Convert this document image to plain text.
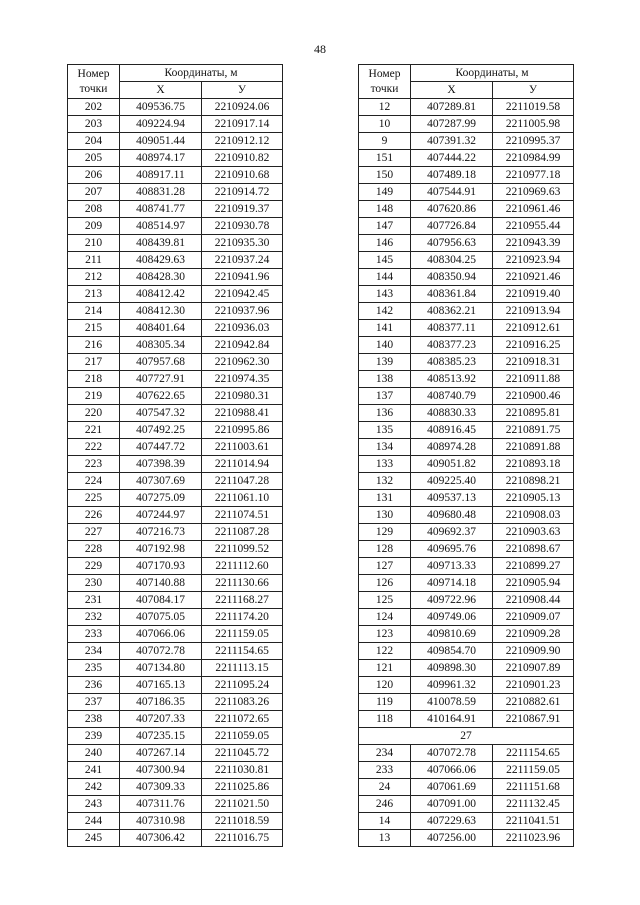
48
Номер
точки	Координаты, м	
	Х	У
202	409536.75	2210924.06
203	409224.94	2210917.14
204	409051.44	2210912.12
205	408974.17	2210910.82
206	408917.11	2210910.68
207	408831.28	2210914.72
208	408741.77	2210919.37
209	408514.97	2210930.78
210	408439.81	2210935.30
211	408429.63	2210937.24
212	408428.30	2210941.96
213	408412.42	2210942.45
214	408412.30	2210937.96
215	408401.64	2210936.03
216	408305.34	2210942.84
217	407957.68	2210962.30
218	407727.91	2210974.35
219	407622.65	2210980.31
220	407547.32	2210988.41
221	407492.25	2210995.86
222	407447.72	2211003.61
223	407398.39	2211014.94
224	407307.69	2211047.28
225	407275.09	2211061.10
226	407244.97	2211074.51
227	407216.73	2211087.28
228	407192.98	2211099.52
229	407170.93	2211112.60
230	407140.88	2211130.66
231	407084.17	2211168.27
232	407075.05	2211174.20
233	407066.06	2211159.05
234	407072.78	2211154.65
235	407134.80	2211113.15
236	407165.13	2211095.24
237	407186.35	2211083.26
238	407207.33	2211072.65
239	407235.15	2211059.05
240	407267.14	2211045.72
241	407300.94	2211030.81
242	407309.33	2211025.86
243	407311.76	2211021.50
244	407310.98	2211018.59
245	407306.42	2211016.75
Номер
точки	Координаты, м	
	Х	У
12	407289.81	2211019.58
10	407287.99	2211005.98
9	407391.32	2210995.37
151	407444.22	2210984.99
150	407489.18	2210977.18
149	407544.91	2210969.63
148	407620.86	2210961.46
147	407726.84	2210955.44
146	407956.63	2210943.39
145	408304.25	2210923.94
144	408350.94	2210921.46
143	408361.84	2210919.40
142	408362.21	2210913.94
141	408377.11	2210912.61
140	408377.23	2210916.25
139	408385.23	2210918.31
138	408513.92	2210911.88
137	408740.79	2210900.46
136	408830.33	2210895.81
135	408916.45	2210891.75
134	408974.28	2210891.88
133	409051.82	2210893.18
132	409225.40	2210898.21
131	409537.13	2210905.13
130	409680.48	2210908.03
129	409692.37	2210903.63
128	409695.76	2210898.67
127	409713.33	2210899.27
126	409714.18	2210905.94
125	409722.96	2210908.44
124	409749.06	2210909.07
123	409810.69	2210909.28
122	409854.70	2210909.90
121	409898.30	2210907.89
120	409961.32	2210901.23
119	410078.59	2210882.61
118	410164.91	2210867.91
27		
234	407072.78	2211154.65
233	407066.06	2211159.05
24	407061.69	2211151.68
246	407091.00	2211132.45
14	407229.63	2211041.51
13	407256.00	2211023.96
